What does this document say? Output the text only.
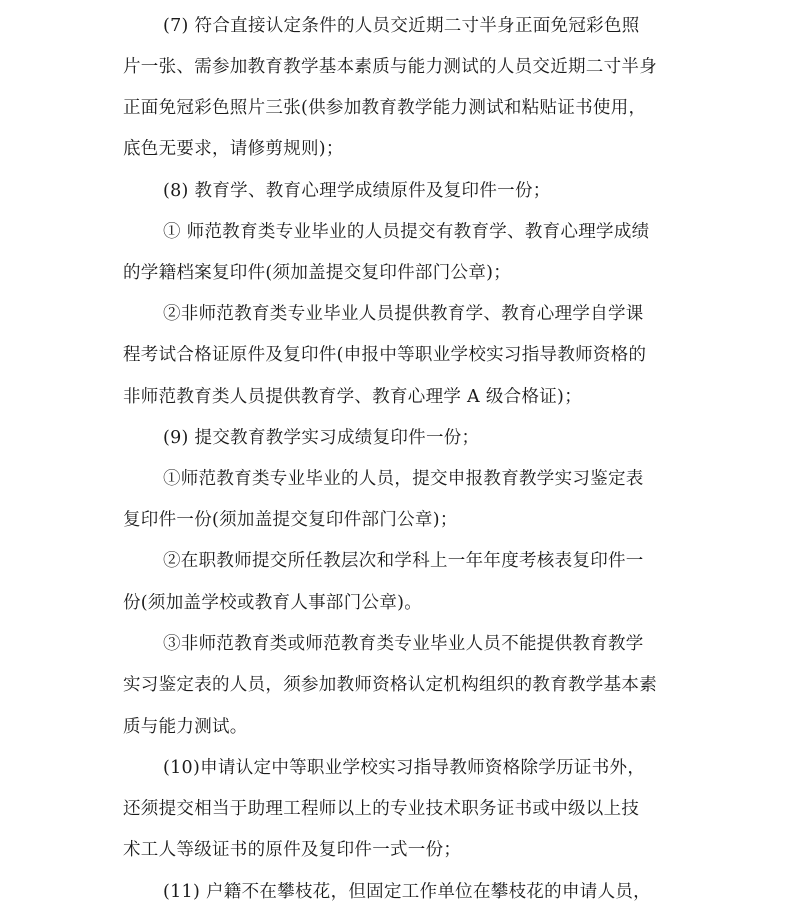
(7) 符合直接认定条件的人员交近期二寸半身正面免冠彩色照
片一张、需参加教育教学基本素质与能力测试的人员交近期二寸半身
正面免冠彩色照片三张(供参加教育教学能力测试和粘贴证书使用，
底色无要求，请修剪规则)；
(8) 教育学、教育心理学成绩原件及复印件一份；
① 师范教育类专业毕业的人员提交有教育学、教育心理学成绩
的学籍档案复印件(须加盖提交复印件部门公章)；
②非师范教育类专业毕业人员提供教育学、教育心理学自学课
程考试合格证原件及复印件(申报中等职业学校实习指导教师资格的
非师范教育类人员提供教育学、教育心理学 A 级合格证)；
(9) 提交教育教学实习成绩复印件一份；
①师范教育类专业毕业的人员，提交申报教育教学实习鉴定表
复印件一份(须加盖提交复印件部门公章)；
②在职教师提交所任教层次和学科上一年年度考核表复印件一
份(须加盖学校或教育人事部门公章)。
③非师范教育类或师范教育类专业毕业人员不能提供教育教学
实习鉴定表的人员，须参加教师资格认定机构组织的教育教学基本素
质与能力测试。
(10)申请认定中等职业学校实习指导教师资格除学历证书外，
还须提交相当于助理工程师以上的专业技术职务证书或中级以上技
术工人等级证书的原件及复印件一式一份；
(11) 户籍不在攀枝花，但固定工作单位在攀枝花的申请人员，
